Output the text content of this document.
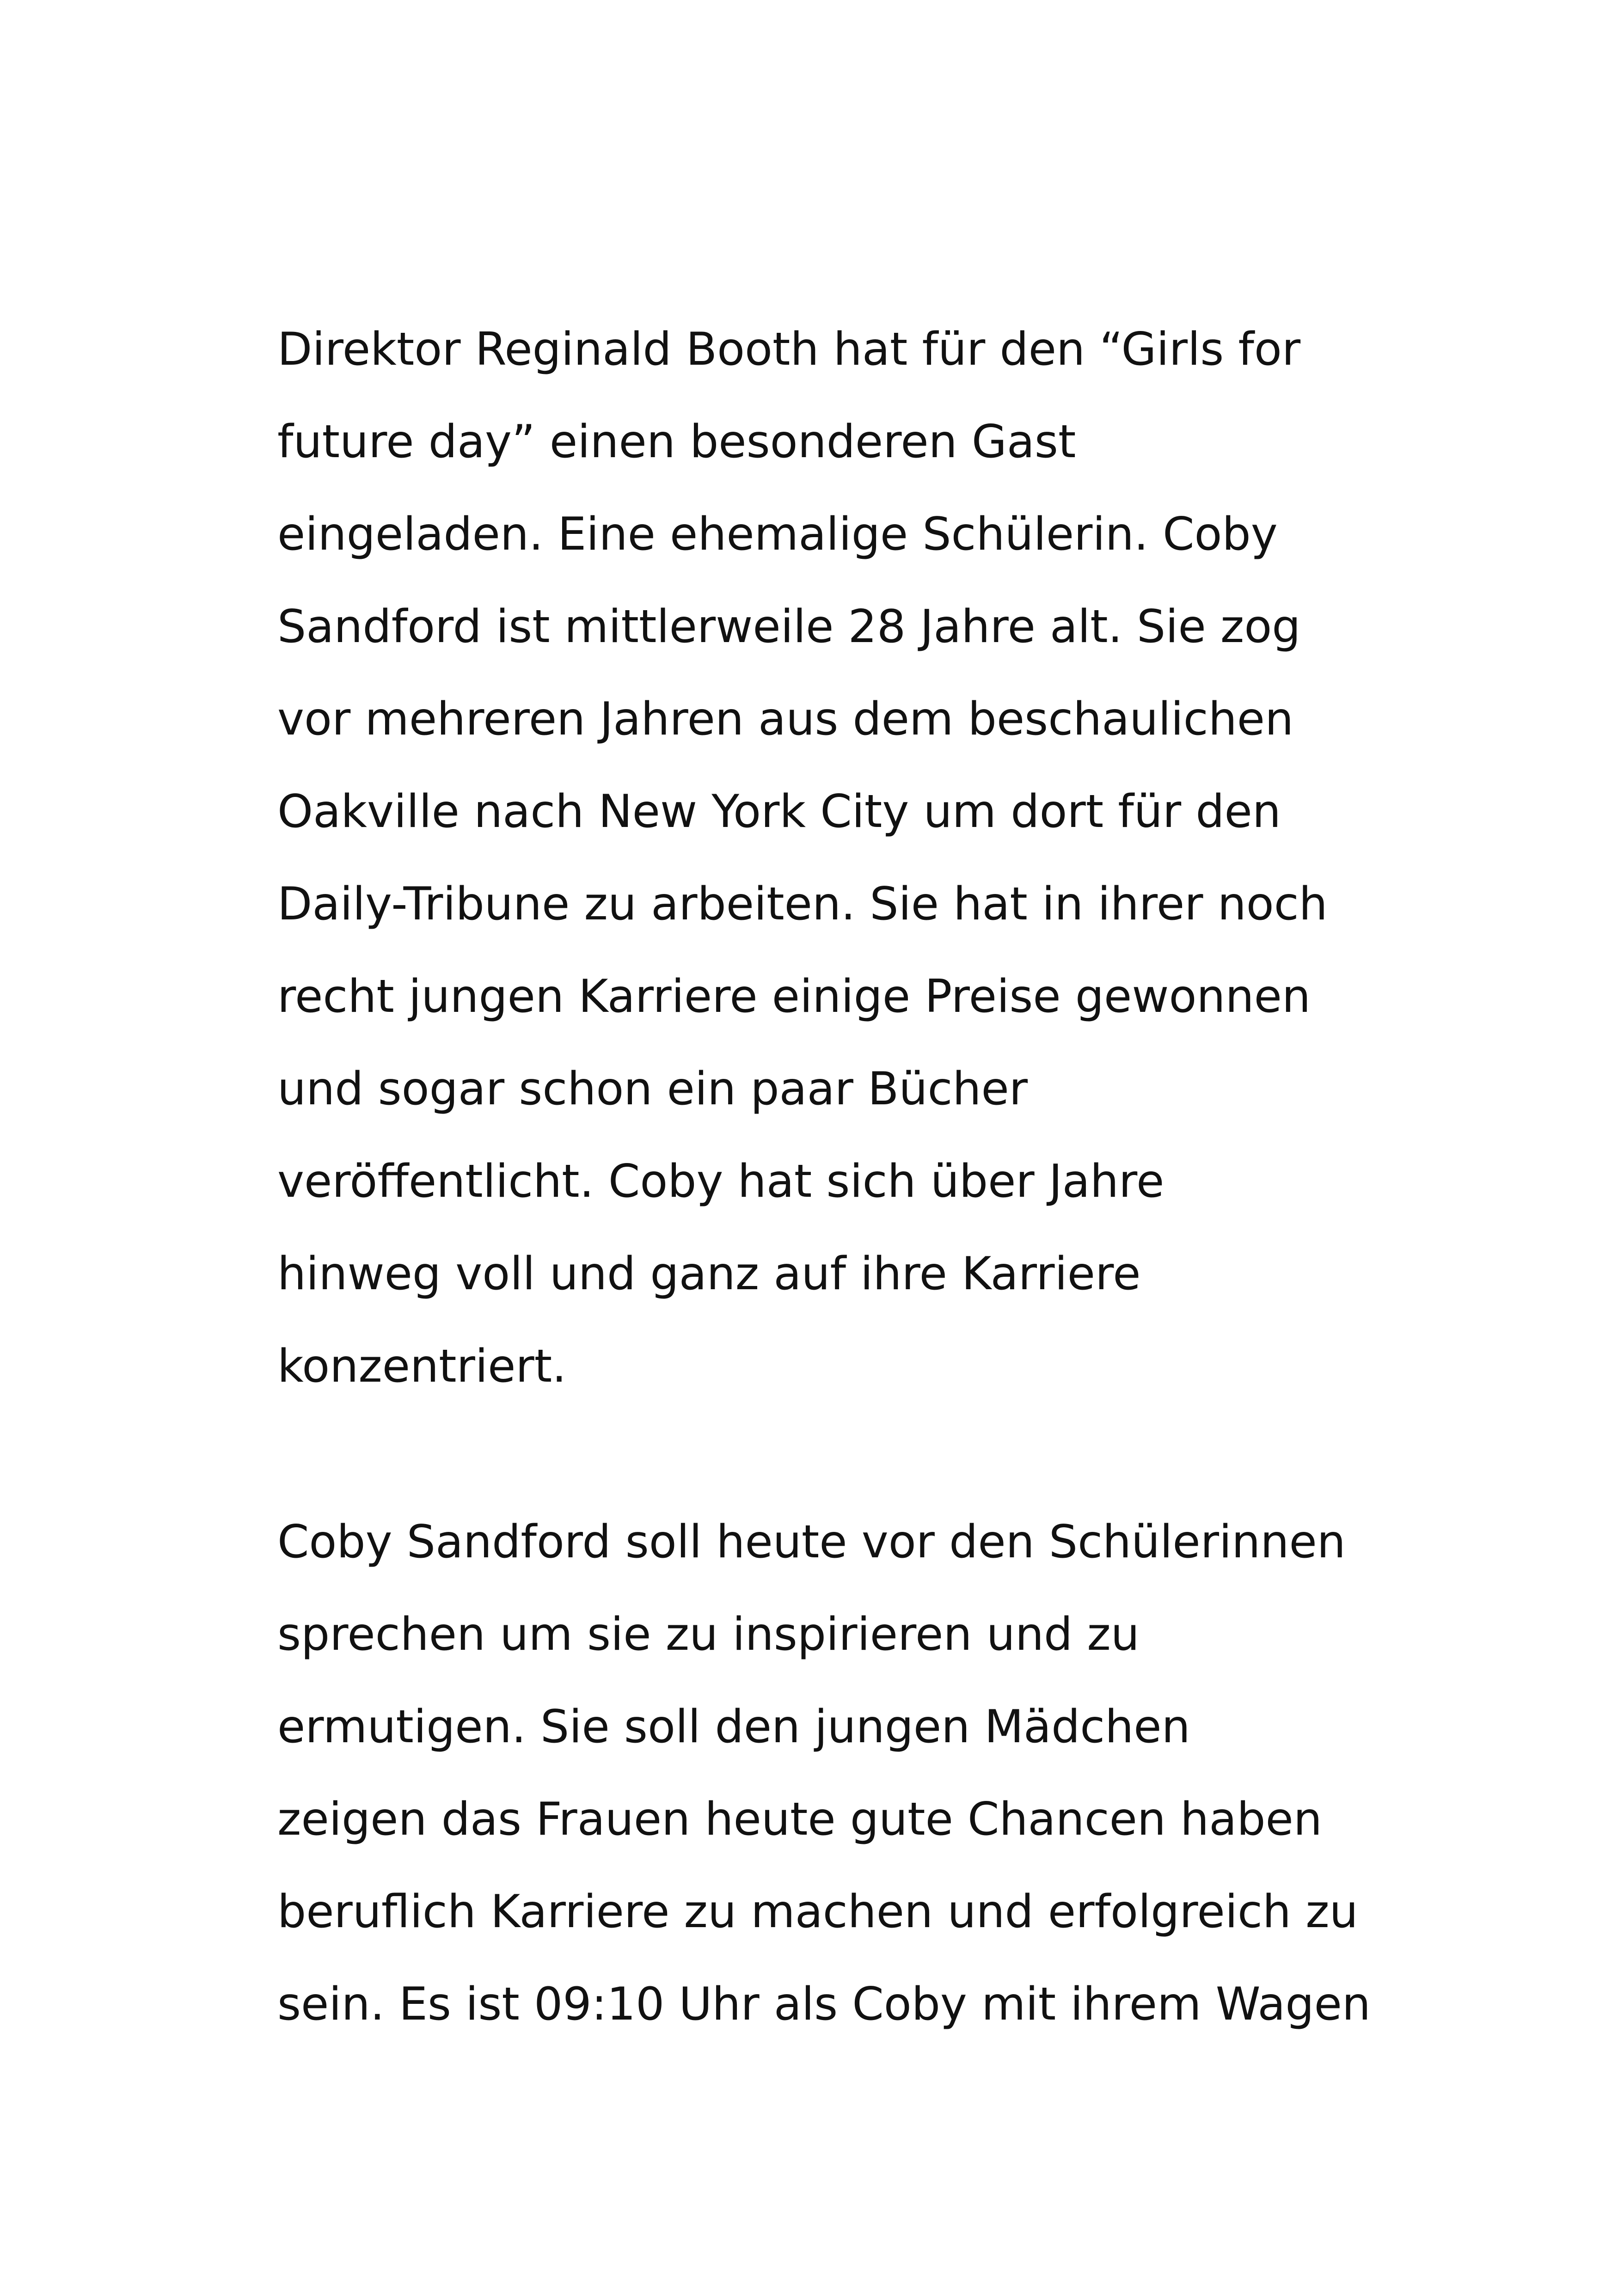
Direktor Reginald Booth hat für den “Girls for
future day” einen besonderen Gast
eingeladen. Eine ehemalige Schülerin. Coby
Sandford ist mittlerweile 28 Jahre alt. Sie zog
vor mehreren Jahren aus dem beschaulichen
Oakville nach New York City um dort für den
Daily-Tribune zu arbeiten. Sie hat in ihrer noch
recht jungen Karriere einige Preise gewonnen
und sogar schon ein paar Bücher
veröffentlicht. Coby hat sich über Jahre
hinweg voll und ganz auf ihre Karriere
konzentriert.
Coby Sandford soll heute vor den Schülerinnen
sprechen um sie zu inspirieren und zu
ermutigen. Sie soll den jungen Mädchen
zeigen das Frauen heute gute Chancen haben
beruflich Karriere zu machen und erfolgreich zu
sein. Es ist 09:10 Uhr als Coby mit ihrem Wagen
